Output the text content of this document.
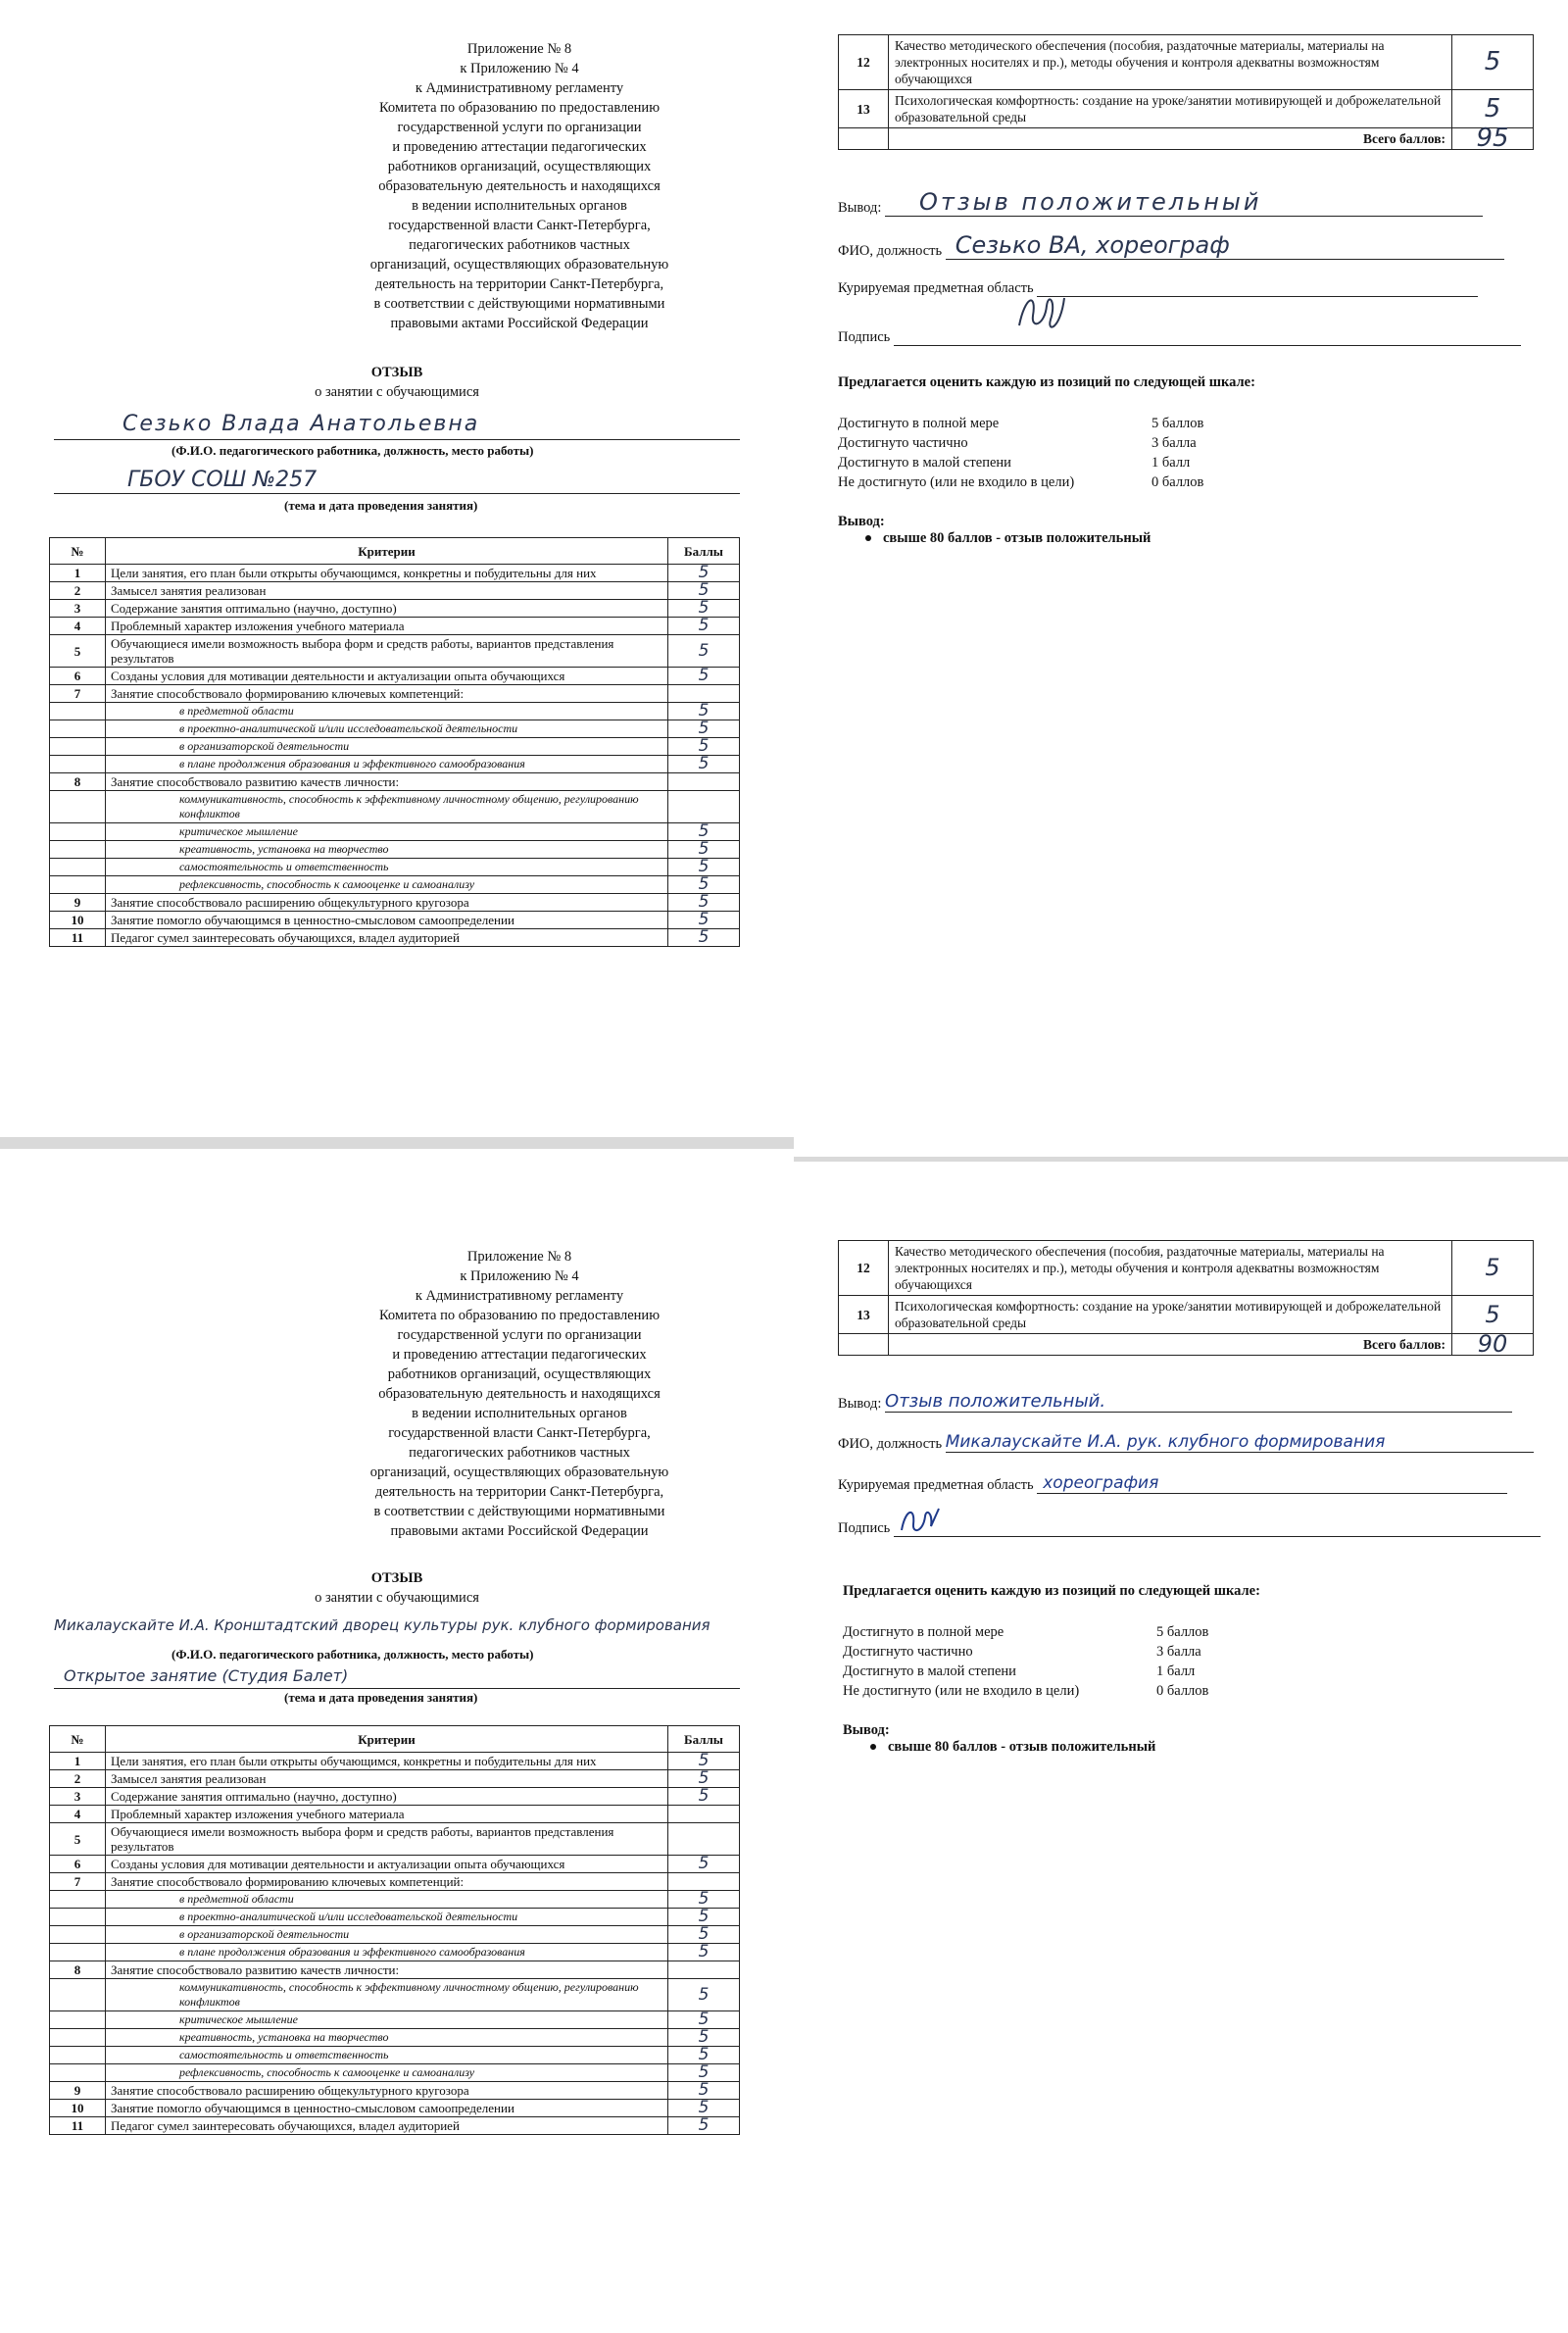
Приложение № 8
к Приложению № 4
к Административному регламенту
Комитета по образованию по предоставлению
государственной услуги по организации
и проведению аттестации педагогических
работников организаций, осуществляющих
образовательную деятельность и находящихся
в ведении исполнительных органов
государственной власти Санкт-Петербурга,
педагогических работников частных
организаций, осуществляющих образовательную
деятельность на территории Санкт-Петербурга,
в соответствии с действующими нормативными
правовыми актами Российской Федерации
ОТЗЫВ
о занятии с обучающимися
Сезько Влада Анатольевна
(Ф.И.О. педагогического работника, должность, место работы)
ГБОУ СОШ №257
(тема и дата проведения занятия)
№	Критерии	Баллы
1	Цели занятия, его план были открыты обучающимся, конкретны и побудительны для них	5
2	Замысел занятия реализован	5
3	Содержание занятия оптимально (научно, доступно)	5
4	Проблемный характер изложения учебного материала	5
5	Обучающиеся имели возможность выбора форм и средств работы, вариантов представления результатов	5
6	Созданы условия для мотивации деятельности и актуализации опыта обучающихся	5
7	Занятие способствовало формированию ключевых компетенций:	
	в предметной области	5
	в проектно-аналитической и/или исследовательской деятельности	5
	в организаторской деятельности	5
	в плане продолжения образования и эффективного самообразования	5
8	Занятие способствовало развитию качеств личности:	
	коммуникативность, способность к эффективному личностному общению, регулированию конфликтов	
	критическое мышление	5
	креативность, установка на творчество	5
	самостоятельность и ответственность	5
	рефлексивность, способность к самооценке и самоанализу	5
9	Занятие способствовало расширению общекультурного кругозора	5
10	Занятие помогло обучающимся в ценностно-смысловом самоопределении	5
11	Педагог сумел заинтересовать обучающихся, владел аудиторией	5
12	Качество методического обеспечения (пособия, раздаточные материалы, материалы на электронных носителях и пр.), методы обучения и контроля адекватны возможностям обучающихся	5
13	Психологическая комфортность: создание на уроке/занятии мотивирующей и доброжелательной образовательной среды	5
	Всего баллов:	95
Вывод: Отзыв положительный
ФИО, должность Сезько ВА, хореограф
Курируемая предметная область
Подпись
Предлагается оценить каждую из позиций по следующей шкале:
Достигнуто в полной мере	5 баллов
Достигнуто частично	3 балла
Достигнуто в малой степени	1 балл
Не достигнуто (или не входило в цели)	0 баллов
Вывод:
свыше 80 баллов - отзыв положительный
Приложение № 8
к Приложению № 4
к Административному регламенту
Комитета по образованию по предоставлению
государственной услуги по организации
и проведению аттестации педагогических
работников организаций, осуществляющих
образовательную деятельность и находящихся
в ведении исполнительных органов
государственной власти Санкт-Петербурга,
педагогических работников частных
организаций, осуществляющих образовательную
деятельность на территории Санкт-Петербурга,
в соответствии с действующими нормативными
правовыми актами Российской Федерации
ОТЗЫВ
о занятии с обучающимися
Микалаускайте И.А. Кронштадтский дворец культуры рук. клубного формирования
(Ф.И.О. педагогического работника, должность, место работы)
Открытое занятие (Студия Балет)
(тема и дата проведения занятия)
№	Критерии	Баллы
1	Цели занятия, его план были открыты обучающимся, конкретны и побудительны для них	5
2	Замысел занятия реализован	5
3	Содержание занятия оптимально (научно, доступно)	5
4	Проблемный характер изложения учебного материала	
5	Обучающиеся имели возможность выбора форм и средств работы, вариантов представления результатов	
6	Созданы условия для мотивации деятельности и актуализации опыта обучающихся	5
7	Занятие способствовало формированию ключевых компетенций:	
	в предметной области	5
	в проектно-аналитической и/или исследовательской деятельности	5
	в организаторской деятельности	5
	в плане продолжения образования и эффективного самообразования	5
8	Занятие способствовало развитию качеств личности:	
	коммуникативность, способность к эффективному личностному общению, регулированию конфликтов	5
	критическое мышление	5
	креативность, установка на творчество	5
	самостоятельность и ответственность	5
	рефлексивность, способность к самооценке и самоанализу	5
9	Занятие способствовало расширению общекультурного кругозора	5
10	Занятие помогло обучающимся в ценностно-смысловом самоопределении	5
11	Педагог сумел заинтересовать обучающихся, владел аудиторией	5
12	Качество методического обеспечения (пособия, раздаточные материалы, материалы на электронных носителях и пр.), методы обучения и контроля адекватны возможностям обучающихся	5
13	Психологическая комфортность: создание на уроке/занятии мотивирующей и доброжелательной образовательной среды	5
	Всего баллов:	90
Вывод: Отзыв положительный.
ФИО, должность Микалаускайте И.А. рук. клубного формирования
Курируемая предметная область хореография
Подпись
Предлагается оценить каждую из позиций по следующей шкале:
Достигнуто в полной мере	5 баллов
Достигнуто частично	3 балла
Достигнуто в малой степени	1 балл
Не достигнуто (или не входило в цели)	0 баллов
Вывод:
свыше 80 баллов - отзыв положительный
